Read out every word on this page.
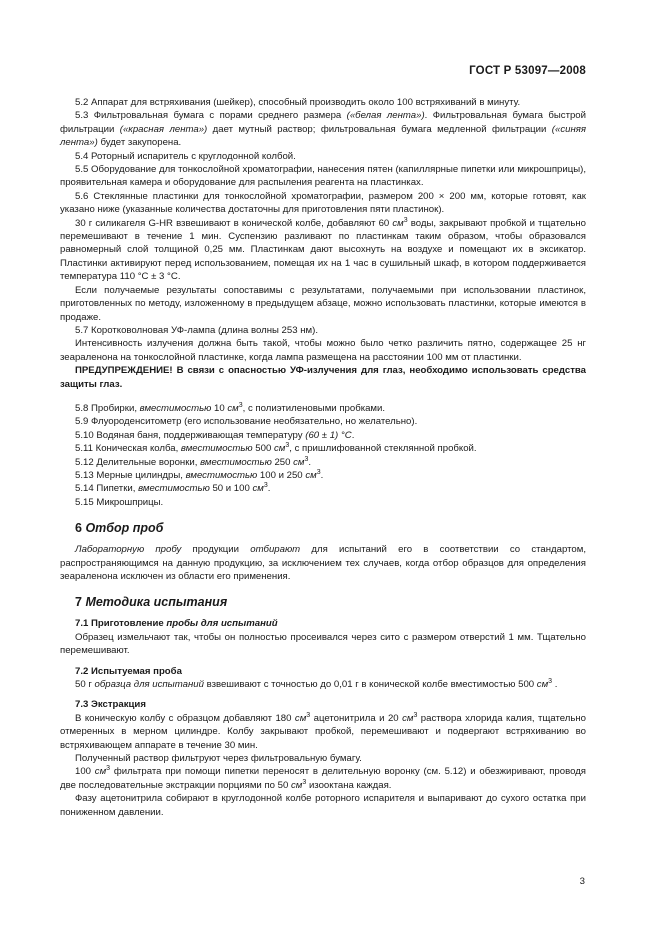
ГОСТ Р 53097—2008

5.2 Аппарат для встряхивания (шейкер), способный производить около 100 встряхиваний в минуту.

5.3 Фильтровальная бумага с порами среднего размера («белая лента»). Фильтровальная бумага быстрой фильтрации («красная лента») дает мутный раствор; фильтровальная бумага медленной фильтрации («синяя лента») будет закупорена.

5.4 Роторный испаритель с круглодонной колбой.

5.5 Оборудование для тонкослойной хроматографии, нанесения пятен (капиллярные пипетки или микрошприцы), проявительная камера и оборудование для распыления реагента на пластинках.

5.6 Стеклянные пластинки для тонкослойной хроматографии, размером 200 × 200 мм, которые готовят, как указано ниже (указанные количества достаточны для приготовления пяти пластинок).

30 г силикагеля G-HR взвешивают в конической колбе, добавляют 60 $см^3$ воды, закрывают пробкой и тщательно перемешивают в течение 1 мин. Суспензию разливают по пластинкам таким образом, чтобы образовался равномерный слой толщиной 0,25 мм. Пластинкам дают высохнуть на воздухе и помещают их в эксикатор. Пластинки активируют перед использованием, помещая их на 1 час в сушильный шкаф, в котором поддерживается температура 110 °C ± 3 °C.

Если получаемые результаты сопоставимы с результатами, получаемыми при использовании пластинок, приготовленных по методу, изложенному в предыдущем абзаце, можно использовать пластинки, которые имеются в продаже.

5.7 Коротковолновая УФ-лампа (длина волны 253 нм).

Интенсивность излучения должна быть такой, чтобы можно было четко различить пятно, содержащее 25 нг зеараленона на тонкослойной пластинке, когда лампа размещена на расстоянии 100 мм от пластинки.

ПРЕДУПРЕЖДЕНИЕ! В связи с опасностью УФ-излучения для глаз, необходимо использовать средства защиты глаз.

5.8 Пробирки, вместимостью 10 $см^3$, с полиэтиленовыми пробками.

5.9 Флуороденситометр (его использование необязательно, но желательно).

5.10 Водяная баня, поддерживающая температуру (60 ± 1) °С.

5.11 Коническая колба, вместимостью 500 $см^3$, с пришлифованной стеклянной пробкой.

5.12 Делительные воронки, вместимостью 250 $см^3$.

5.13 Мерные цилиндры, вместимостью 100 и 250 $см^3$.

5.14 Пипетки, вместимостью 50 и 100 $см^3$.

5.15 Микрошприцы.

6 Отбор проб

Лабораторную пробу продукции отбирают для испытаний его в соответствии со стандартом, распространяющимся на данную продукцию, за исключением тех случаев, когда отбор образцов для определения зеараленона исключен из области его применения.

7 Методика испытания

7.1 Приготовление пробы для испытаний

Образец измельчают так, чтобы он полностью просеивался через сито с размером отверстий 1 мм. Тщательно перемешивают.

7.2 Испытуемая проба

50 г образца для испытаний взвешивают с точностью до 0,01 г в конической колбе вместимостью 500 $см^3$ .

7.3 Экстракция

В коническую колбу с образцом добавляют 180 $см^3$ ацетонитрила и 20 $см^3$ раствора хлорида калия, тщательно отмеренных в мерном цилиндре. Колбу закрывают пробкой, перемешивают и подвергают встряхиванию во встряхивающем аппарате в течение 30 мин.

Полученный раствор фильтруют через фильтровальную бумагу.

100 $см^3$ фильтрата при помощи пипетки переносят в делительную воронку (см. 5.12) и обезжиривают, проводя две последовательные экстракции порциями по 50 $см^3$ изооктана каждая.

Фазу ацетонитрила собирают в круглодонной колбе роторного испарителя и выпаривают до сухого остатка при пониженном давлении.

3
